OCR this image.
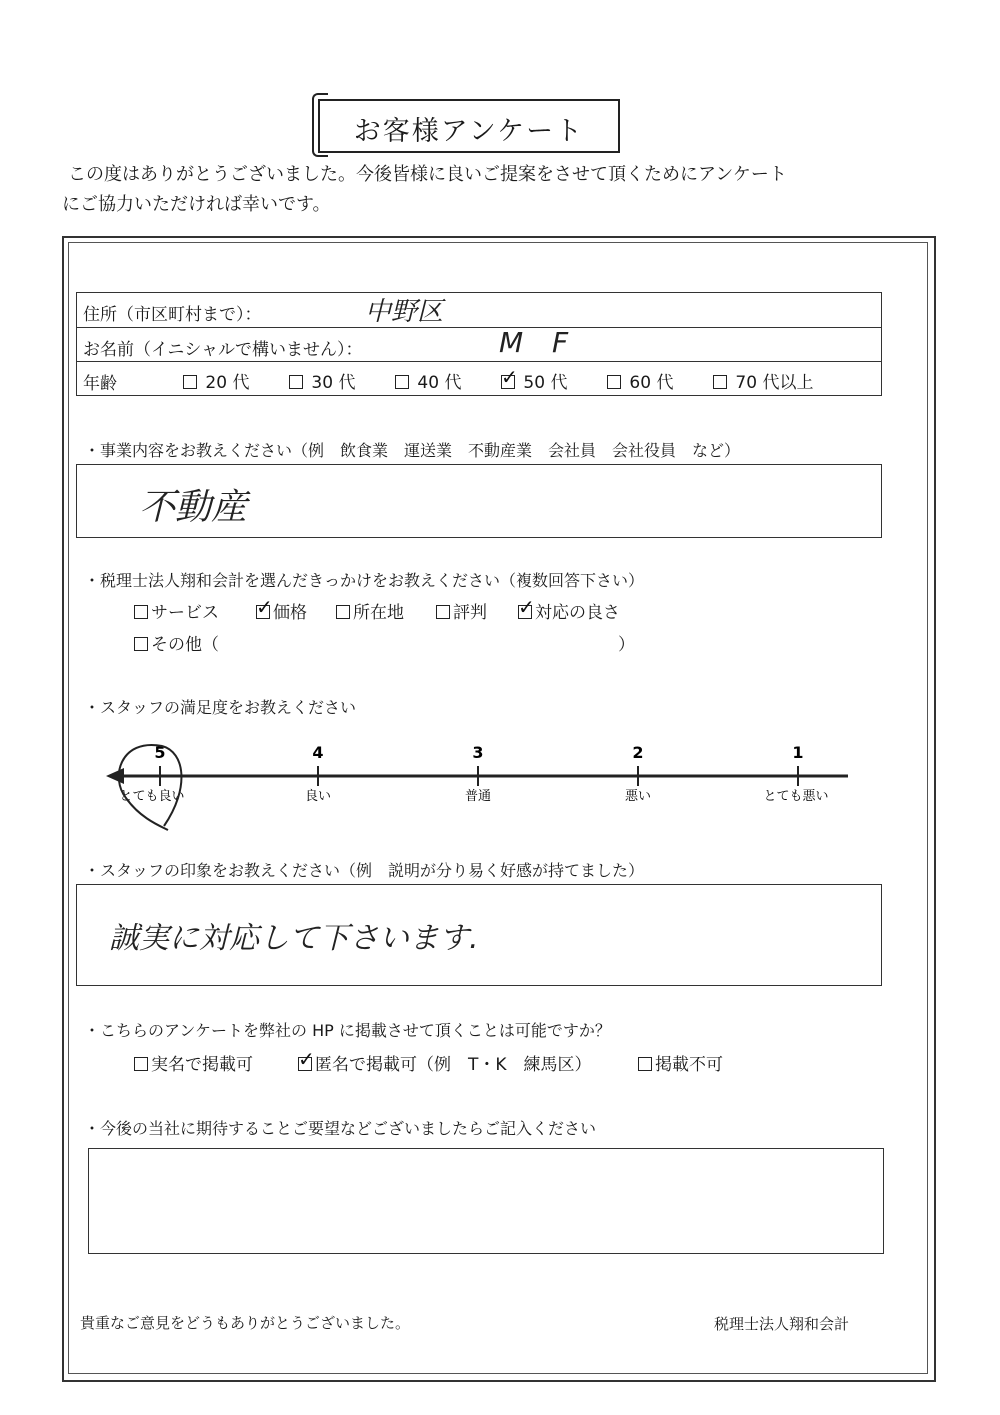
お客様アンケート
この度はありがとうございました。今後皆様に良いご提案をさせて頂くためにアンケート
にご協力いただければ幸いです。
住所（市区町村まで）：	中野区
お名前（イニシャルで構いません）：	M F
年齢	20 代	30 代	40 代 ✓	50 代	60 代	70 代以上
・事業内容をお教えください（例　飲食業　運送業　不動産業　会社員　会社役員　など）
不動産
・税理士法人翔和会計を選んだきっかけをお教えください（複数回答下さい）
サービス ✓	価格	所在地	評判 ✓	対応の良さ
その他（	）
・スタッフの満足度をお教えください
5	4	3	2	1
とても良い	良い	普通	悪い	とても悪い
・スタッフの印象をお教えください（例　説明が分り易く好感が持てました）
誠実に対応して下さいます.
・こちらのアンケートを弊社の HP に掲載させて頂くことは可能ですか？
実名で掲載可 ✓	匿名で掲載可（例　T・K　練馬区）	掲載不可
・今後の当社に期待することご要望などございましたらご記入ください
貴重なご意見をどうもありがとうございました。	税理士法人翔和会計
